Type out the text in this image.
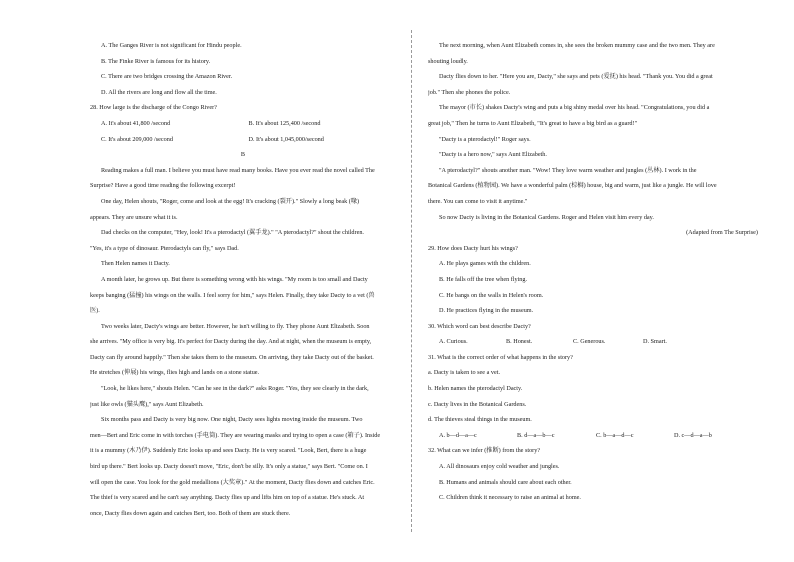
A. The Ganges River is not significant for Hindu people.
B. The Finke River is famous for its history.
C. There are two bridges crossing the Amazon River.
D. All the rivers are long and flow all the time.
28. How large is the discharge of the Congo River?
A. It's about 41,800 /second	B. It's about 125,400 /second
C. It's about 209,000 /second	D. It's about 1,045,000/second
B
Reading makes a full man. I believe you must have read many books. Have you ever read the novel called The
Surprise? Have a good time reading the following excerpt!
One day, Helen shouts, "Roger, come and look at the egg! It's cracking (裂开)." Slowly a long beak (喙)
appears. They are unsure what it is.
Dad checks on the computer, "Hey, look! It's a pterodactyl (翼手龙)." "A pterodactyl?" shout the children.
"Yes, it's a type of dinosaur. Pterodactyls can fly," says Dad.
Then Helen names it Dacty.
A month later, he grows up. But there is something wrong with his wings. "My room is too small and Dacty
keeps banging (猛撞) his wings on the walls. I feel sorry for him," says Helen. Finally, they take Dacty to a vet (兽
医).
Two weeks later, Dacty's wings are better. However, he isn't willing to fly. They phone Aunt Elizabeth. Soon
she arrives. "My office is very big. It's perfect for Dacty during the day. And at night, when the museum is empty,
Dacty can fly around happily." Then she takes them to the museum. On arriving, they take Dacty out of the basket.
He stretches (伸展) his wings, flies high and lands on a stone statue.
"Look, he likes here," shouts Helen. "Can he see in the dark?" asks Roger. "Yes, they see clearly in the dark,
just like owls (猫头鹰)," says Aunt Elizabeth.
Six months pass and Dacty is very big now. One night, Dacty sees lights moving inside the museum. Two
men—Bert and Eric come in with torches (手电筒). They are wearing masks and trying to open a case (箱子). Inside
it is a mummy (木乃伊). Suddenly Eric looks up and sees Dacty. He is very scared. "Look, Bert, there is a huge
bird up there." Bert looks up. Dacty doesn't move, "Eric, don't be silly. It's only a statue," says Bert. "Come on. I
will open the case. You look for the gold medallions (大奖章)." At the moment, Dacty flies down and catches Eric.
The thief is very scared and he can't say anything. Dacty flies up and lifts him on top of a statue. He's stuck. At
once, Dacty flies down again and catches Bert, too. Both of them are stuck there.
The next morning, when Aunt Elizabeth comes in, she sees the broken mummy case and the two men. They are
shouting loudly.
Dacty flies down to her. "Here you are, Dacty," she says and pets (爱抚) his head. "Thank you. You did a great
job." Then she phones the police.
The mayor (市长) shakes Dacty's wing and puts a big shiny medal over his head. "Congratulations, you did a
great job," Then he turns to Aunt Elizabeth, "It's great to have a big bird as a guard!"
"Dacty is a pterodactyl!" Roger says.
"Dacty is a hero now," says Aunt Elizabeth.
"A pterodactyl?" shouts another man. "Wow! They love warm weather and jungles (丛林). I work in the
Botanical Gardens (植物园). We have a wonderful palm (棕榈) house, big and warm, just like a jungle. He will love
there. You can come to visit it anytime."
So now Dacty is living in the Botanical Gardens. Roger and Helen visit him every day.
(Adapted from The Surprise)
29. How does Dacty hurt his wings?
A. He plays games with the children.
B. He falls off the tree when flying.
C. He bangs on the walls in Helen's room.
D. He practices flying in the museum.
30. Which word can best describe Dacty?
A. Curious.	B. Honest.	C. Generous.	D. Smart.
31. What is the correct order of what happens in the story?
a. Dacty is taken to see a vet.
b. Helen names the pterodactyl Dacty.
c. Dacty lives in the Botanical Gardens.
d. The thieves steal things in the museum.
A. b—d—a—c	B. d—a—b—c	C. b—a—d—c	D. c—d—a—b
32. What can we infer (推断) from the story?
A. All dinosaurs enjoy cold weather and jungles.
B. Humans and animals should care about each other.
C. Children think it necessary to raise an animal at home.
